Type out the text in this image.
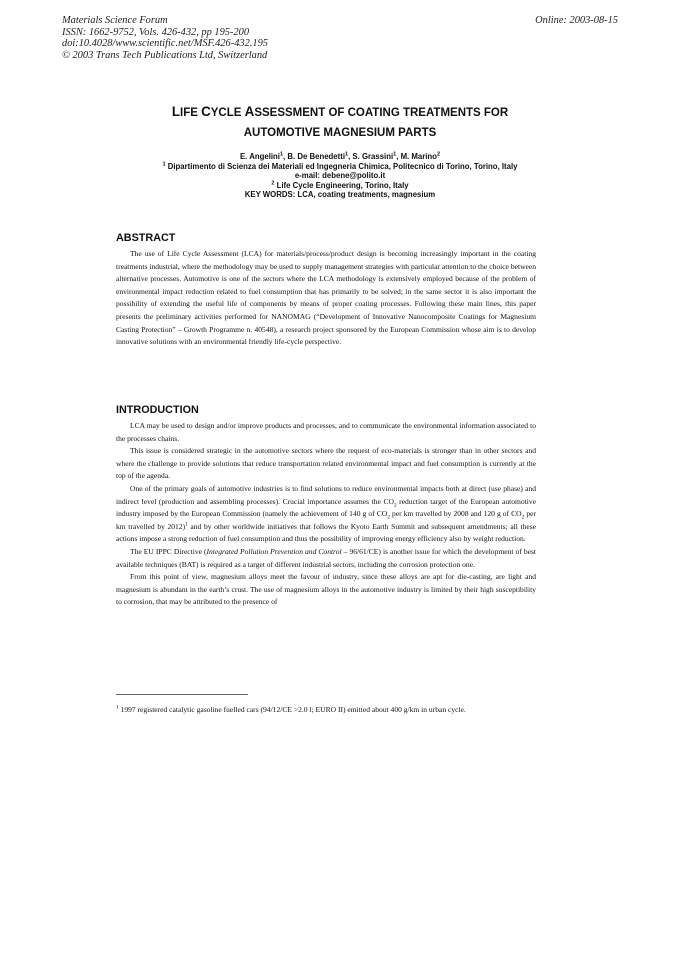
Materials Science Forum
ISSN: 1662-9752, Vols. 426-432, pp 195-200
doi:10.4028/www.scientific.net/MSF.426-432.195
© 2003 Trans Tech Publications Ltd, Switzerland
Online: 2003-08-15
LIFE CYCLE ASSESSMENT OF COATING TREATMENTS FOR
AUTOMOTIVE MAGNESIUM PARTS
E. Angelini$^1$, B. De Benedetti$^1$, S. Grassini$^1$, M. Marino$^2$
$^1$ Dipartimento di Scienza dei Materiali ed Ingegneria Chimica, Politecnico di Torino, Torino, Italy
e-mail: debene@polito.it
$^2$ Life Cycle Engineering, Torino, Italy
KEY WORDS: LCA, coating treatments, magnesium
ABSTRACT

The use of Life Cycle Assessment (LCA) for materials/process/product design is becoming increasingly important in the coating treatments industrial, where the methodology may be used to supply management strategies with particular attention to the choice between alternative processes. Automotive is one of the sectors where the LCA methodology is extensively employed because of the problem of environmental impact reduction related to fuel consumption that has primarily to be solved; in the same sector it is also important the possibility of extending the useful life of components by means of proper coating processes. Following these main lines, this paper presents the preliminary activities performed for NANOMAG (“Development of Innovative Nanocomposite Coatings for Magnesium Casting Protection” – Growth Programme n. 40548), a research project sponsored by the European Commission whose aim is to develop innovative solutions with an environmental friendly life-cycle perspective.

INTRODUCTION

LCA may be used to design and/or improve products and processes, and to communicate the environmental information associated to the processes chains.

This issue is considered strategic in the automotive sectors where the request of eco-materials is stronger than in other sectors and where the challenge to provide solutions that reduce transportation related environmental impact and fuel consumption is currently at the top of the agenda.

One of the primary goals of automotive industries is to find solutions to reduce environmental impacts both at direct (use phase) and indirect level (production and assembling processes). Crucial importance assumes the $CO_2$ reduction target of the European automotive industry imposed by the European Commission (namely the achievement of 140 g of $CO_2$ per km travelled by 2008 and 120 g of $CO_2$ per km travelled by 2012)$^1$ and by other worldwide initiatives that follows the Kyoto Earth Summit and subsequent amendments; all these actions impose a strong reduction of fuel consumption and thus the possibility of improving energy efficiency also by weight reduction.

The EU IPPC Directive (Integrated Pollution Prevention and Control – 96/61/CE) is another issue for which the development of best available techniques (BAT) is required as a target of different industrial sectors, including the corrosion protection one.

From this point of view, magnesium alloys meet the favour of industry, since these alloys are apt for die-casting, are light and magnesium is abundant in the earth’s crust. The use of magnesium alloys in the automotive industry is limited by their high susceptibility to corrosion, that may be attributed to the presence of

$^1$ 1997 registered catalytic gasoline fuelled cars (94/12/CE >2.0 l; EURO II) emitted about 400 g/km in urban cycle.
